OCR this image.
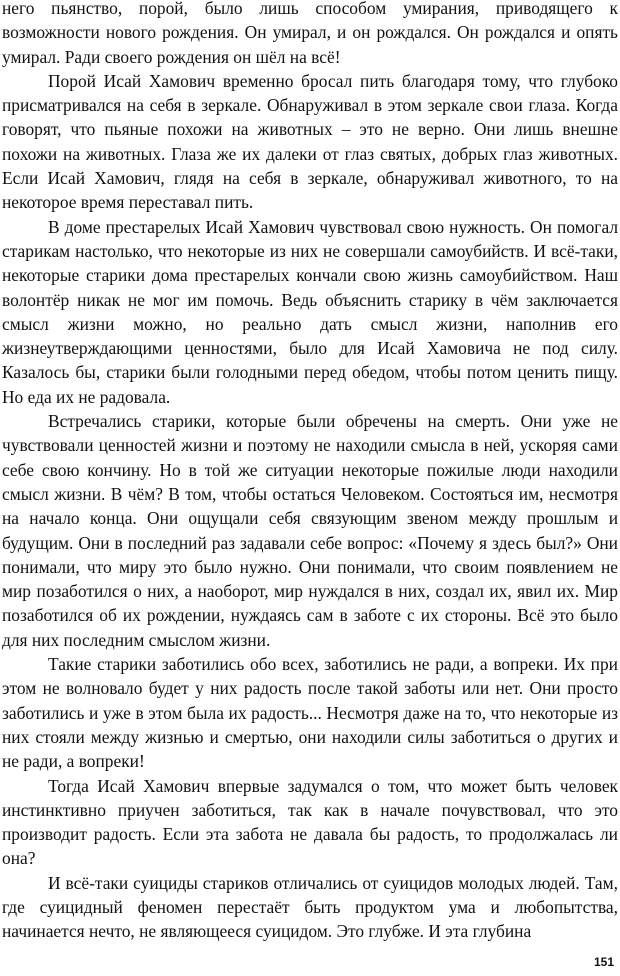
него пьянство, порой, было лишь способом умирания, приводящего к возможности нового рождения. Он умирал, и он рождался. Он рождался и опять умирал. Ради своего рождения он шёл на всё!

Порой Исай Хамович временно бросал пить благодаря тому, что глубоко присматривался на себя в зеркале. Обнаруживал в этом зеркале свои глаза. Когда говорят, что пьяные похожи на животных – это не верно. Они лишь внешне похожи на животных. Глаза же их далеки от глаз святых, добрых глаз животных. Если Исай Хамович, глядя на себя в зеркале, обнаруживал животного, то на некоторое время переставал пить.

В доме престарелых Исай Хамович чувствовал свою нужность. Он помогал старикам настолько, что некоторые из них не совершали самоубийств. И всё-таки, некоторые старики дома престарелых кончали свою жизнь самоубийством. Наш волонтёр никак не мог им помочь. Ведь объяснить старику в чём заключается смысл жизни можно, но реально дать смысл жизни, наполнив его жизнеутверждающими ценностями, было для Исай Хамовича не под силу. Казалось бы, старики были голодными перед обедом, чтобы потом ценить пищу. Но еда их не радовала.

Встречались старики, которые были обречены на смерть. Они уже не чувствовали ценностей жизни и поэтому не находили смысла в ней, ускоряя сами себе свою кончину. Но в той же ситуации некоторые пожилые люди находили смысл жизни. В чём? В том, чтобы остаться Человеком. Состояться им, несмотря на начало конца. Они ощущали себя связующим звеном между прошлым и будущим. Они в последний раз задавали себе вопрос: «Почему я здесь был?» Они понимали, что миру это было нужно. Они понимали, что своим появлением не мир позаботился о них, а наоборот, мир нуждался в них, создал их, явил их. Мир позаботился об их рождении, нуждаясь сам в заботе с их стороны. Всё это было для них последним смыслом жизни.

Такие старики заботились обо всех, заботились не ради, а вопреки. Их при этом не волновало будет у них радость после такой заботы или нет. Они просто заботились и уже в этом была их радость... Несмотря даже на то, что некоторые из них стояли между жизнью и смертью, они находили силы заботиться о других и не ради, а вопреки!

Тогда Исай Хамович впервые задумался о том, что может быть человек инстинктивно приучен заботиться, так как в начале почувствовал, что это производит радость. Если эта забота не давала бы радость, то продолжалась ли она?

И всё-таки суициды стариков отличались от суицидов молодых людей. Там, где суицидный феномен перестаёт быть продуктом ума и любопытства, начинается нечто, не являющееся суицидом. Это глубже. И эта глубина

151
